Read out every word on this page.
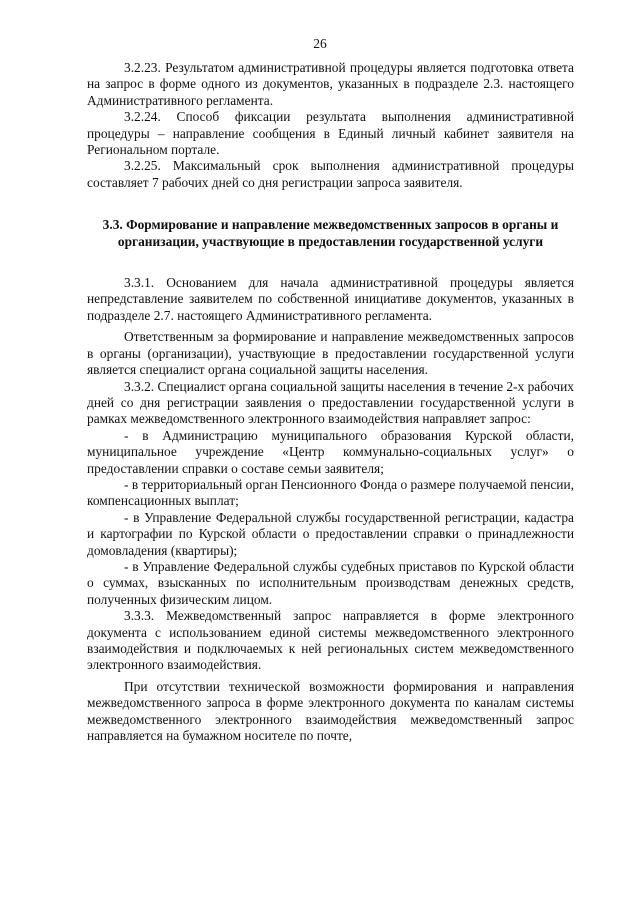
26

3.2.23. Результатом административной процедуры является подготовка ответа на запрос в форме одного из документов, указанных в подразделе 2.3. настоящего Административного регламента.

3.2.24. Способ фиксации результата выполнения административной процедуры – направление сообщения в Единый личный кабинет заявителя на Региональном портале.

3.2.25. Максимальный срок выполнения административной процедуры составляет 7 рабочих дней со дня регистрации запроса заявителя.

3.3. Формирование и направление межведомственных запросов в органы и организации, участвующие в предоставлении государственной услуги

3.3.1. Основанием для начала административной процедуры является непредставление заявителем по собственной инициативе документов, указанных в подразделе 2.7. настоящего Административного регламента.

Ответственным за формирование и направление межведомственных запросов в органы (организации), участвующие в предоставлении государственной услуги является специалист органа социальной защиты населения.

3.3.2. Специалист органа социальной защиты населения в течение 2-х рабочих дней со дня регистрации заявления о предоставлении государственной услуги в рамках межведомственного электронного взаимодействия направляет запрос:

- в Администрацию муниципального образования Курской области, муниципальное учреждение «Центр коммунально-социальных услуг» о предоставлении справки о составе семьи заявителя;

- в территориальный орган Пенсионного Фонда о размере получаемой пенсии, компенсационных выплат;

- в Управление Федеральной службы государственной регистрации, кадастра и картографии по Курской области о предоставлении справки о принадлежности домовладения (квартиры);

- в Управление Федеральной службы судебных приставов по Курской области о суммах, взысканных по исполнительным производствам денежных средств, полученных физическим лицом.

3.3.3. Межведомственный запрос направляется в форме электронного документа с использованием единой системы межведомственного электронного взаимодействия и подключаемых к ней региональных систем межведомственного электронного взаимодействия.

При отсутствии технической возможности формирования и направления межведомственного запроса в форме электронного документа по каналам системы межведомственного электронного взаимодействия межведомственный запрос направляется на бумажном носителе по почте,
